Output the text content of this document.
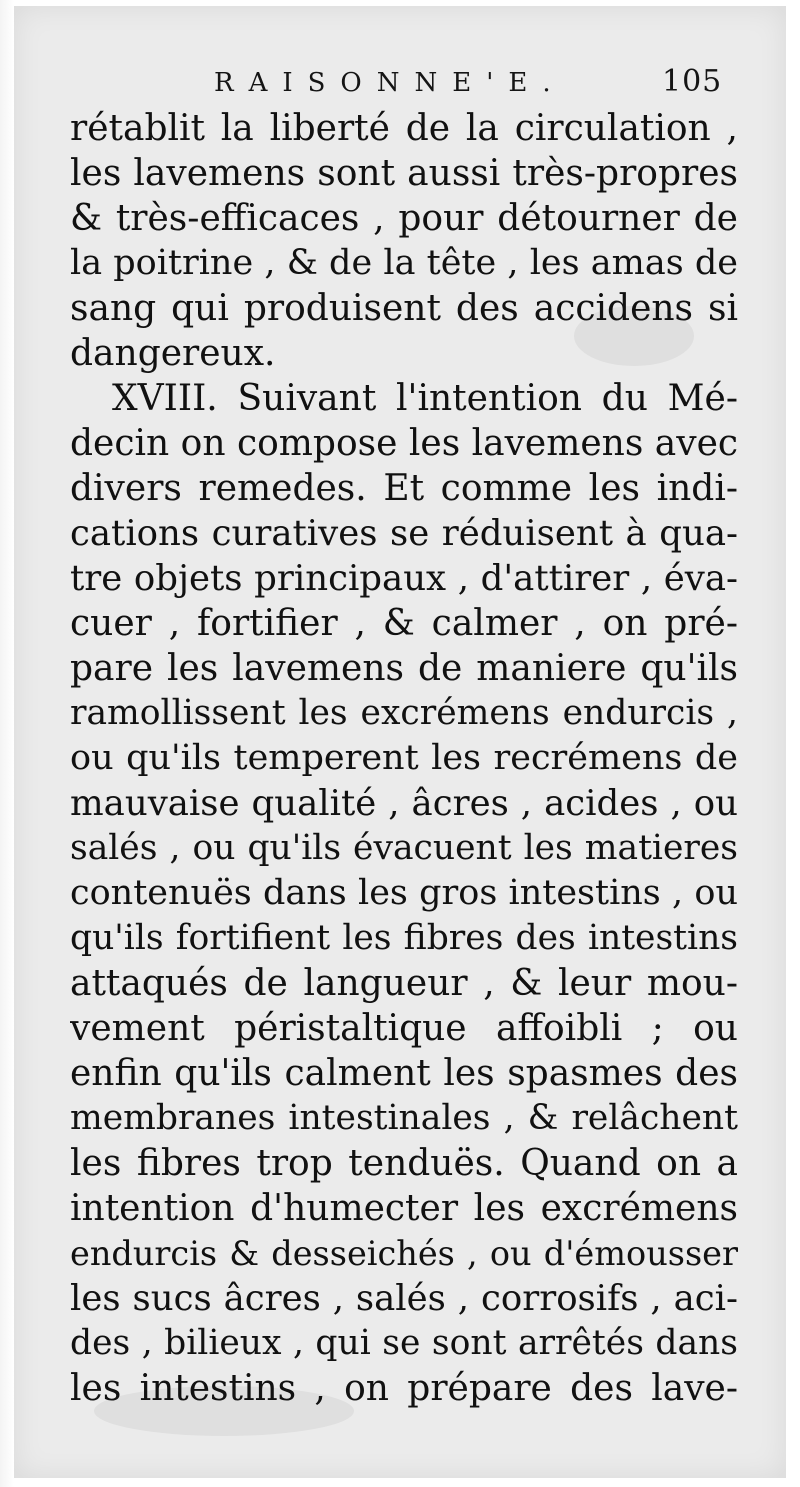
RAISONNE'E.	105
rétablit la liberté de la circulation ,
les lavemens sont aussi très-propres
& très-efficaces , pour détourner de
la poitrine , & de la tête , les amas de
sang qui produisent des accidens si
dangereux.
XVIII. Suivant l'intention du Mé-
decin on compose les lavemens avec
divers remedes. Et comme les indi-
cations curatives se réduisent à qua-
tre objets principaux , d'attirer , éva-
cuer , fortifier , & calmer , on pré-
pare les lavemens de maniere qu'ils
ramollissent les excrémens endurcis ,
ou qu'ils temperent les recrémens de
mauvaise qualité , âcres , acides , ou
salés , ou qu'ils évacuent les matieres
contenuës dans les gros intestins , ou
qu'ils fortifient les fibres des intestins
attaqués de langueur , & leur mou-
vement péristaltique affoibli ; ou
enfin qu'ils calment les spasmes des
membranes intestinales , & relâchent
les fibres trop tenduës. Quand on a
intention d'humecter les excrémens
endurcis & desseichés , ou d'émousser
les sucs âcres , salés , corrosifs , aci-
des , bilieux , qui se sont arrêtés dans
les intestins , on prépare des lave-
